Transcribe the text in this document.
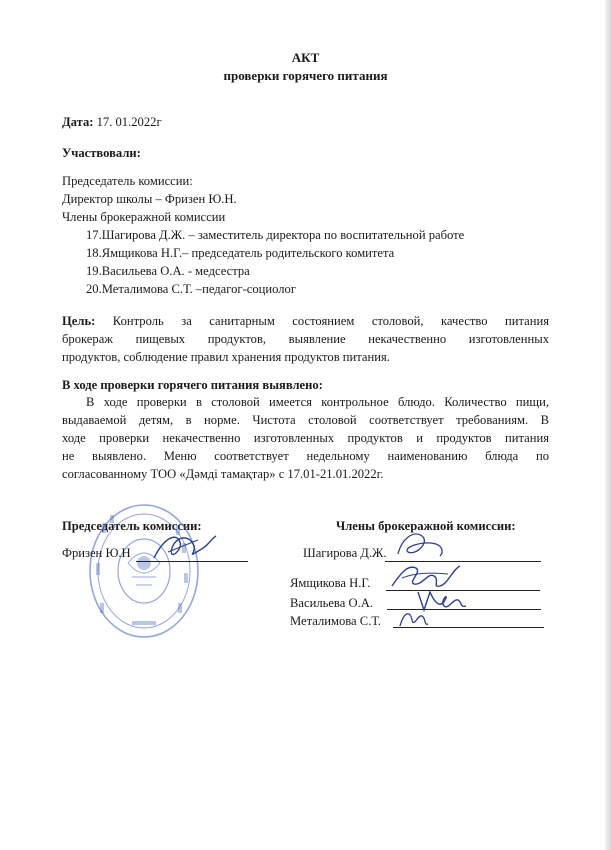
АКТ
проверки горячего питания
Дата: 17. 01.2022г
Участвовали:
Председатель комиссии:
Директор школы – Фризен Ю.Н.
Члены брокеражной комиссии
17.Шагирова Д.Ж. – заместитель директора по воспитательной работе
18.Ямщикова Н.Г.– председатель родительского комитета
19.Васильева О.А. - медсестра
20.Металимова С.Т. –педагог-социолог
Цель: Контроль за санитарным состоянием столовой, качество питания
брокераж пищевых продуктов, выявление некачественно изготовленных
продуктов, соблюдение правил хранения продуктов питания.
В ходе проверки горячего питания выявлено:
В ходе проверки в столовой имеется контрольное блюдо. Количество пищи,
выдаваемой детям, в норме. Чистота столовой соответствует требованиям. В
ходе проверки некачественно изготовленных продуктов и продуктов питания
не выявлено. Меню соответствует недельному наименованию блюда по
согласованному ТОО «Дәмді тамақтар» с 17.01-21.01.2022г.
Председатель комиссии:	Члены брокеражной комиссии:
Фризен Ю.Н	Шагирова Д.Ж.
Ямщикова Н.Г.
Васильева О.А.
Металимова С.Т.
